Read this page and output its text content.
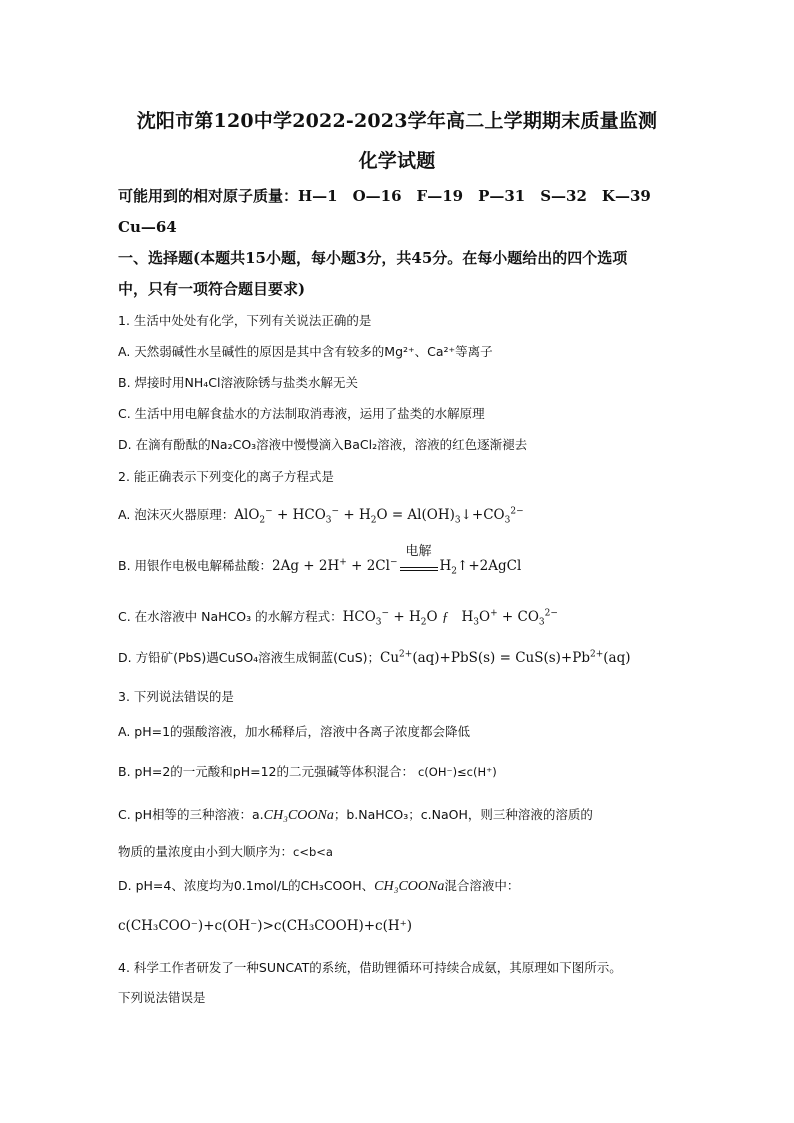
沈阳市第120中学2022-2023学年高二上学期期末质量监测
化学试题
可能用到的相对原子质量：H—1　O—16　F—19　P—31　S—32　K—39
Cu—64
一、选择题(本题共15小题，每小题3分，共45分。在每小题给出的四个选项
中，只有一项符合题目要求)
1. 生活中处处有化学，下列有关说法正确的是
A. 天然弱碱性水呈碱性的原因是其中含有较多的Mg²⁺、Ca²⁺等离子
B. 焊接时用NH₄Cl溶液除锈与盐类水解无关
C. 生活中用电解食盐水的方法制取消毒液，运用了盐类的水解原理
D. 在滴有酚酞的Na₂CO₃溶液中慢慢滴入BaCl₂溶液，溶液的红色逐渐褪去
2. 能正确表示下列变化的离子方程式是
A. 泡沫灭火器原理：$AlO_2^- + HCO_3^- + H_2O$ = $Al(OH)_3↓+CO_3^{2-}$
B. 用银作电极电解稀盐酸：2Ag + 2H+ + 2Cl−
电解
$H_2↑+2AgCl$
C. 在水溶液中 NaHCO₃ 的水解方程式：$HCO_3^- + H_2O$ ƒ   $H_3O^+ + CO_3^{2-}$
D. 方铅矿(PbS)遇CuSO₄溶液生成铜蓝(CuS)；$Cu^{2+}(aq)+PbS(s) = CuS(s)+Pb^{2+}(aq)$
3. 下列说法错误的是
A. pH=1的强酸溶液，加水稀释后，溶液中各离子浓度都会降低
B. pH=2的一元酸和pH=12的二元强碱等体积混合： c(OH⁻)≤c(H⁺)
C. pH相等的三种溶液：a.CH₃COONa；b.NaHCO₃；c.NaOH，则三种溶液的溶质的
物质的量浓度由小到大顺序为：c<b<a
D. pH=4、浓度均为0.1mol/L的CH₃COOH、CH₃COONa混合溶液中：
c(CH₃COO⁻)+c(OH⁻)>c(CH₃COOH)+c(H⁺)
4. 科学工作者研发了一种SUNCAT的系统，借助锂循环可持续合成氨，其原理如下图所示。
下列说法错误是
